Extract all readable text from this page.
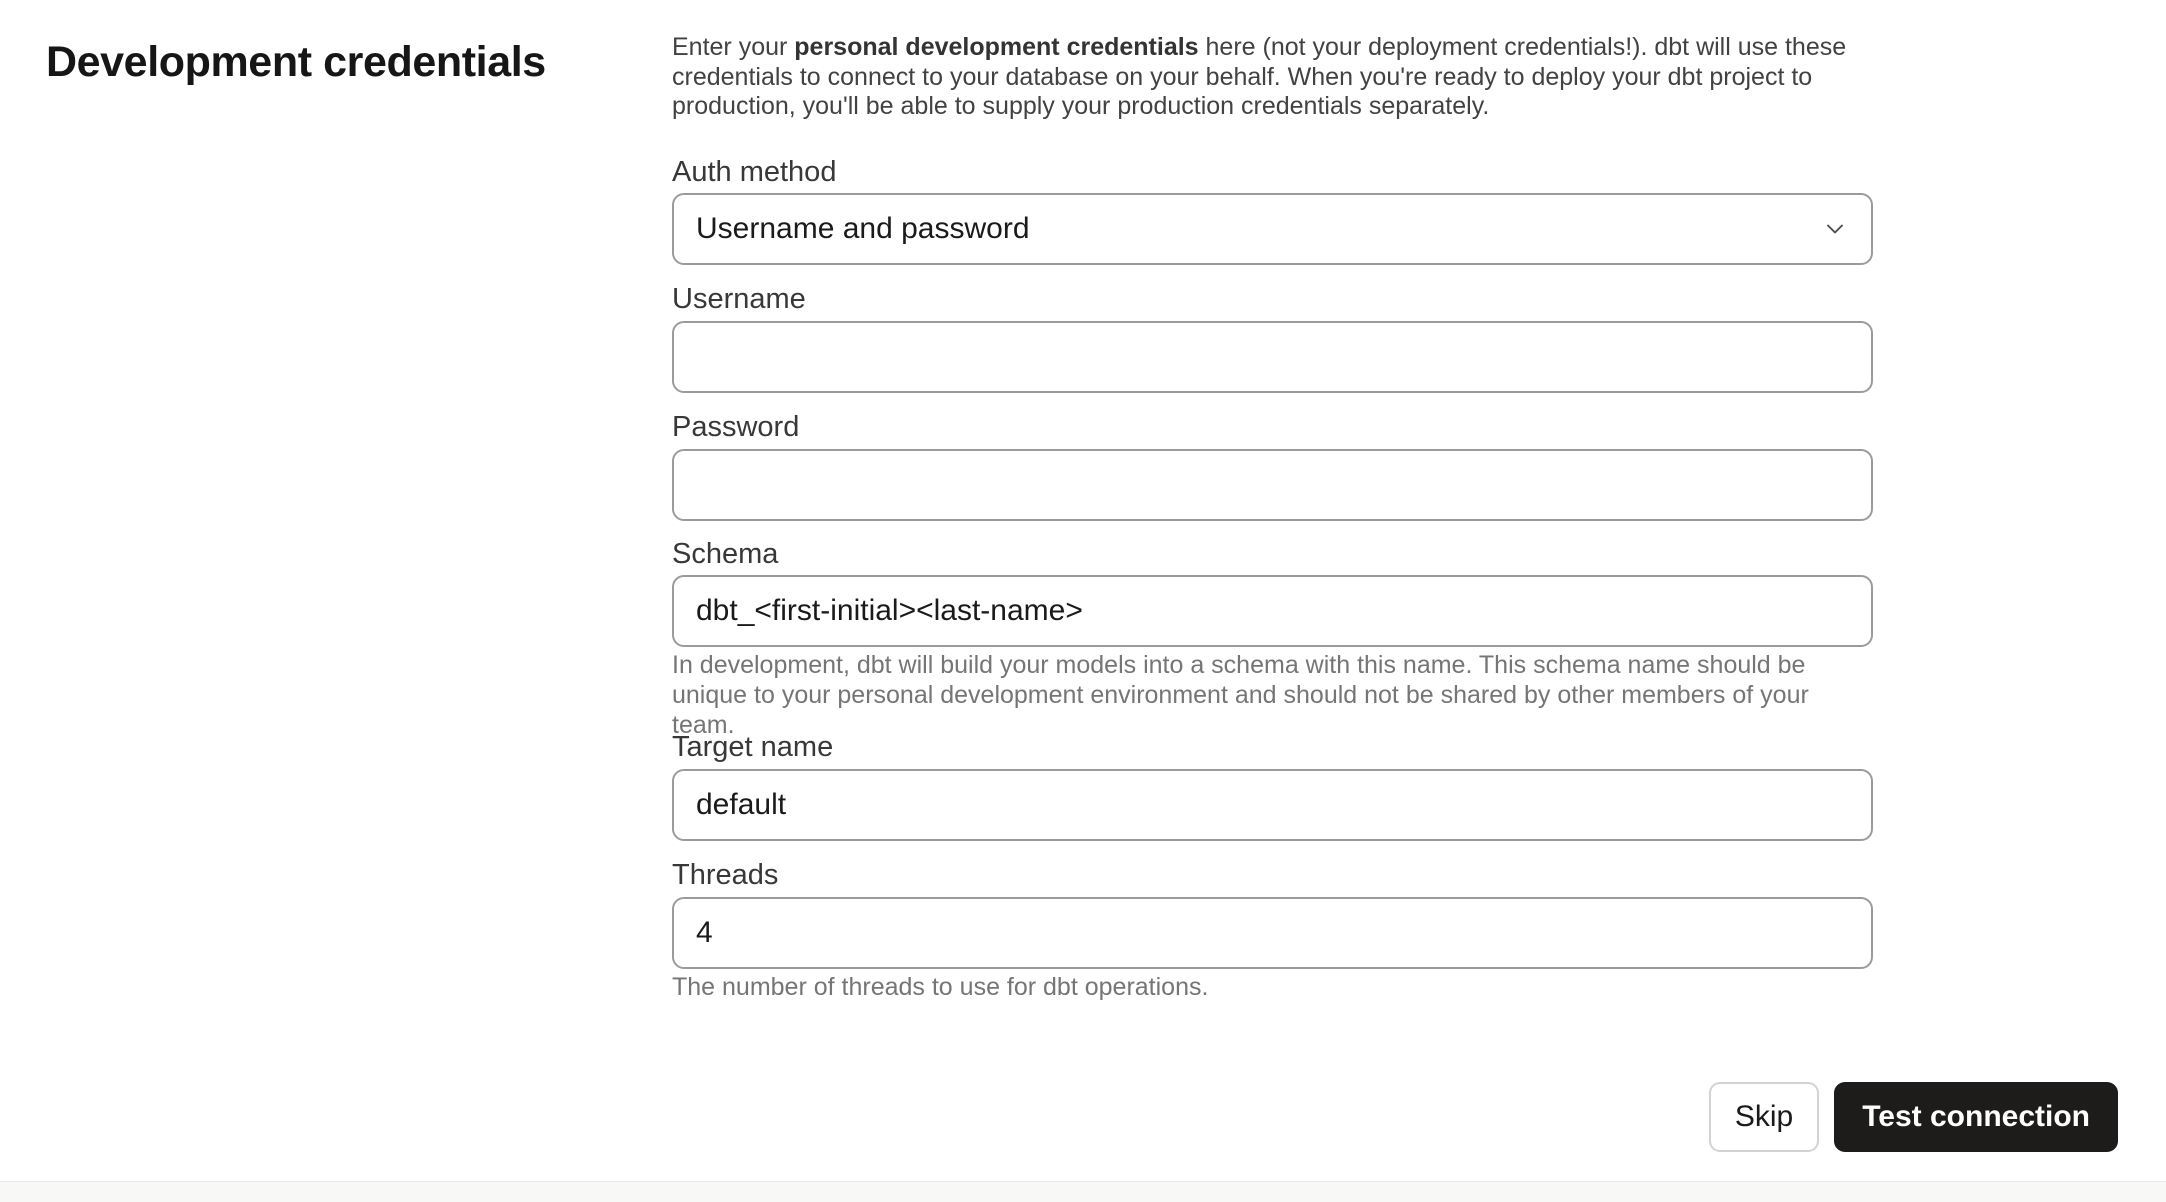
Development credentials	Enter your personal development credentials here (not your deployment credentials!). dbt will use these credentials to connect to your database on your behalf. When you're ready to deploy your dbt project to production, you'll be able to supply your production credentials separately.

Auth method
Username and password
Username
Password
Schema
dbt_<first-initial><last-name>

In development, dbt will build your models into a schema with this name. This schema name should be unique to your personal development environment and should not be shared by other members of your team.

Target name
default
Threads
4

The number of threads to use for dbt operations.

Skip	Test connection
